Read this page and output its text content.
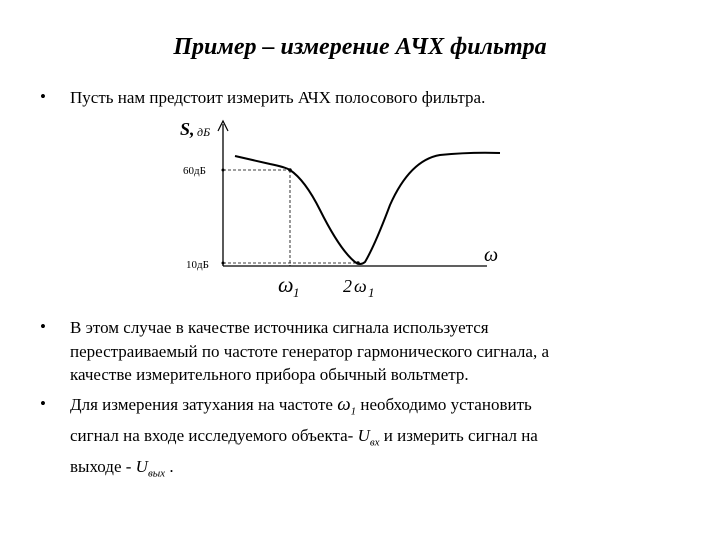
Пример – измерение АЧХ фильтра
• Пусть нам предстоит измерить АЧХ полосового фильтра.
S, дБ
60дБ
10дБ	ω
ω 1 2 ω 1
• В этом случае в качестве источника сигнала используется
перестраиваемый по частоте генератор гармонического сигнала, а
качестве измерительного прибора обычный вольтметр.
• Для измерения затухания на частоте $\omega_1$ необходимо установить
сигнал на входе исследуемого объекта- $U_{вх}$ и измерить сигнал на
выходе - $U_{вых}$ .
